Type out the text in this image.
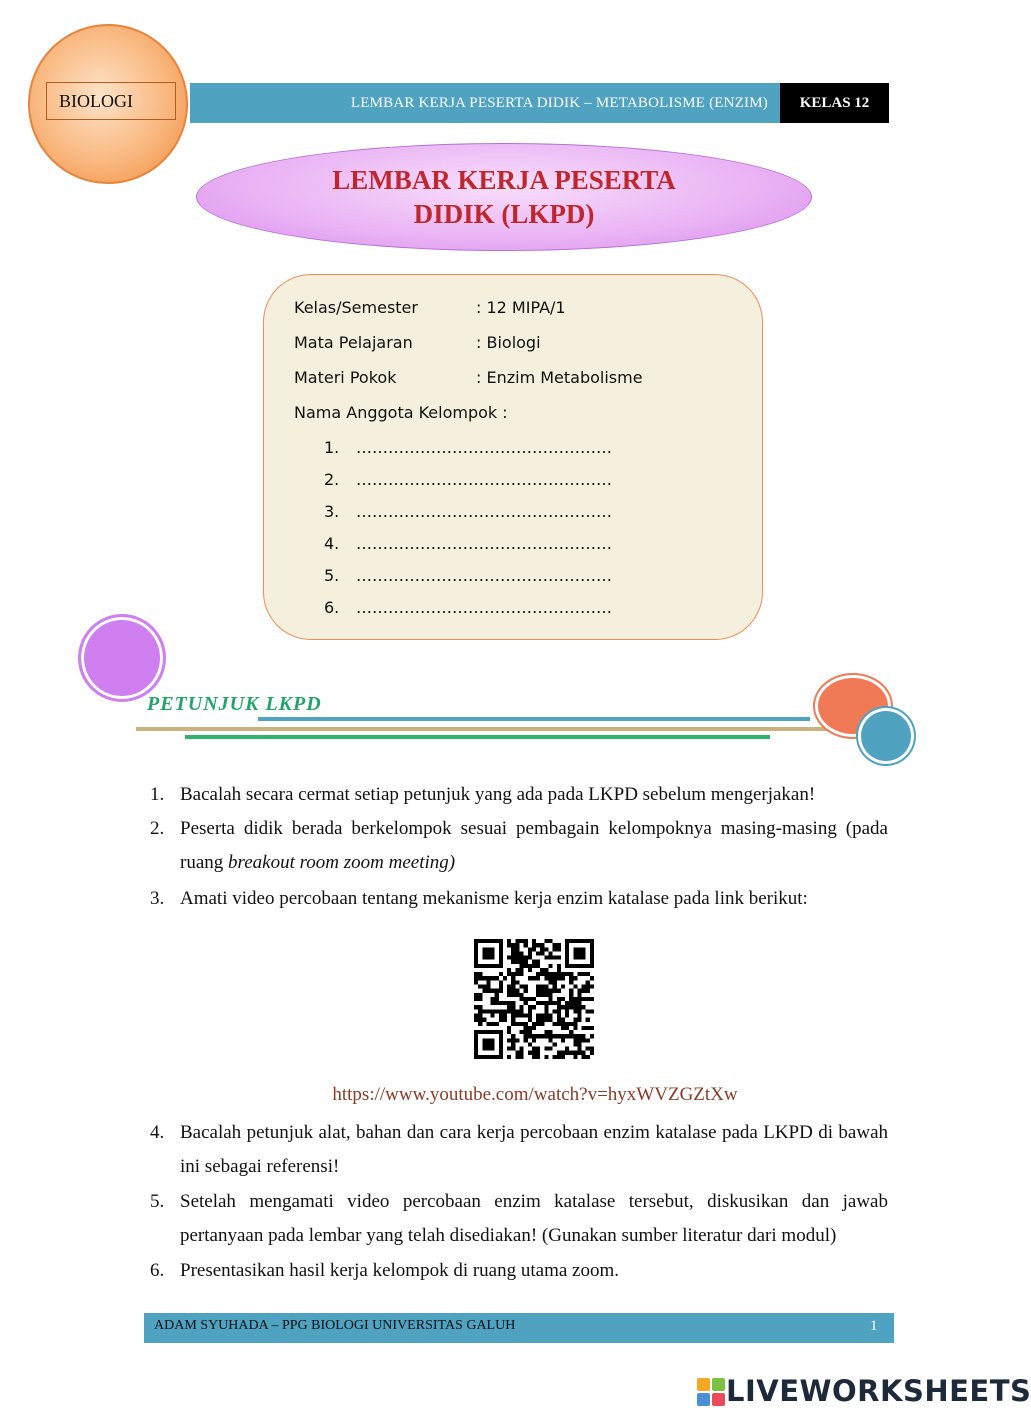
LEMBAR KERJA PESERTA DIDIK – METABOLISME (ENZIM)	KELAS 12
BIOLOGI
LEMBAR KERJA PESERTA DIDIK (LKPD)
Kelas/Semester	: 12 MIPA/1
Mata Pelajaran	: Biologi
Materi Pokok	: Enzim Metabolisme
Nama Anggota Kelompok :
1. …………………………………………
2. …………………………………………
3. …………………………………………
4. …………………………………………
5. …………………………………………
6. …………………………………………
PETUNJUK LKPD
1. Bacalah secara cermat setiap petunjuk yang ada pada LKPD sebelum mengerjakan!
2. Peserta didik berada berkelompok sesuai pembagain kelompoknya masing-masing (pada ruang breakout room zoom meeting)
3. Amati video percobaan tentang mekanisme kerja enzim katalase pada link berikut:
https://www.youtube.com/watch?v=hyxWVZGZtXw
4. Bacalah petunjuk alat, bahan dan cara kerja percobaan enzim katalase pada LKPD di bawah ini sebagai referensi!
5. Setelah mengamati video percobaan enzim katalase tersebut, diskusikan dan jawab pertanyaan pada lembar yang telah disediakan! (Gunakan sumber literatur dari modul)
6. Presentasikan hasil kerja kelompok di ruang utama zoom.
ADAM SYUHADA – PPG BIOLOGI UNIVERSITAS GALUH	1
LIVEWORKSHEETS
